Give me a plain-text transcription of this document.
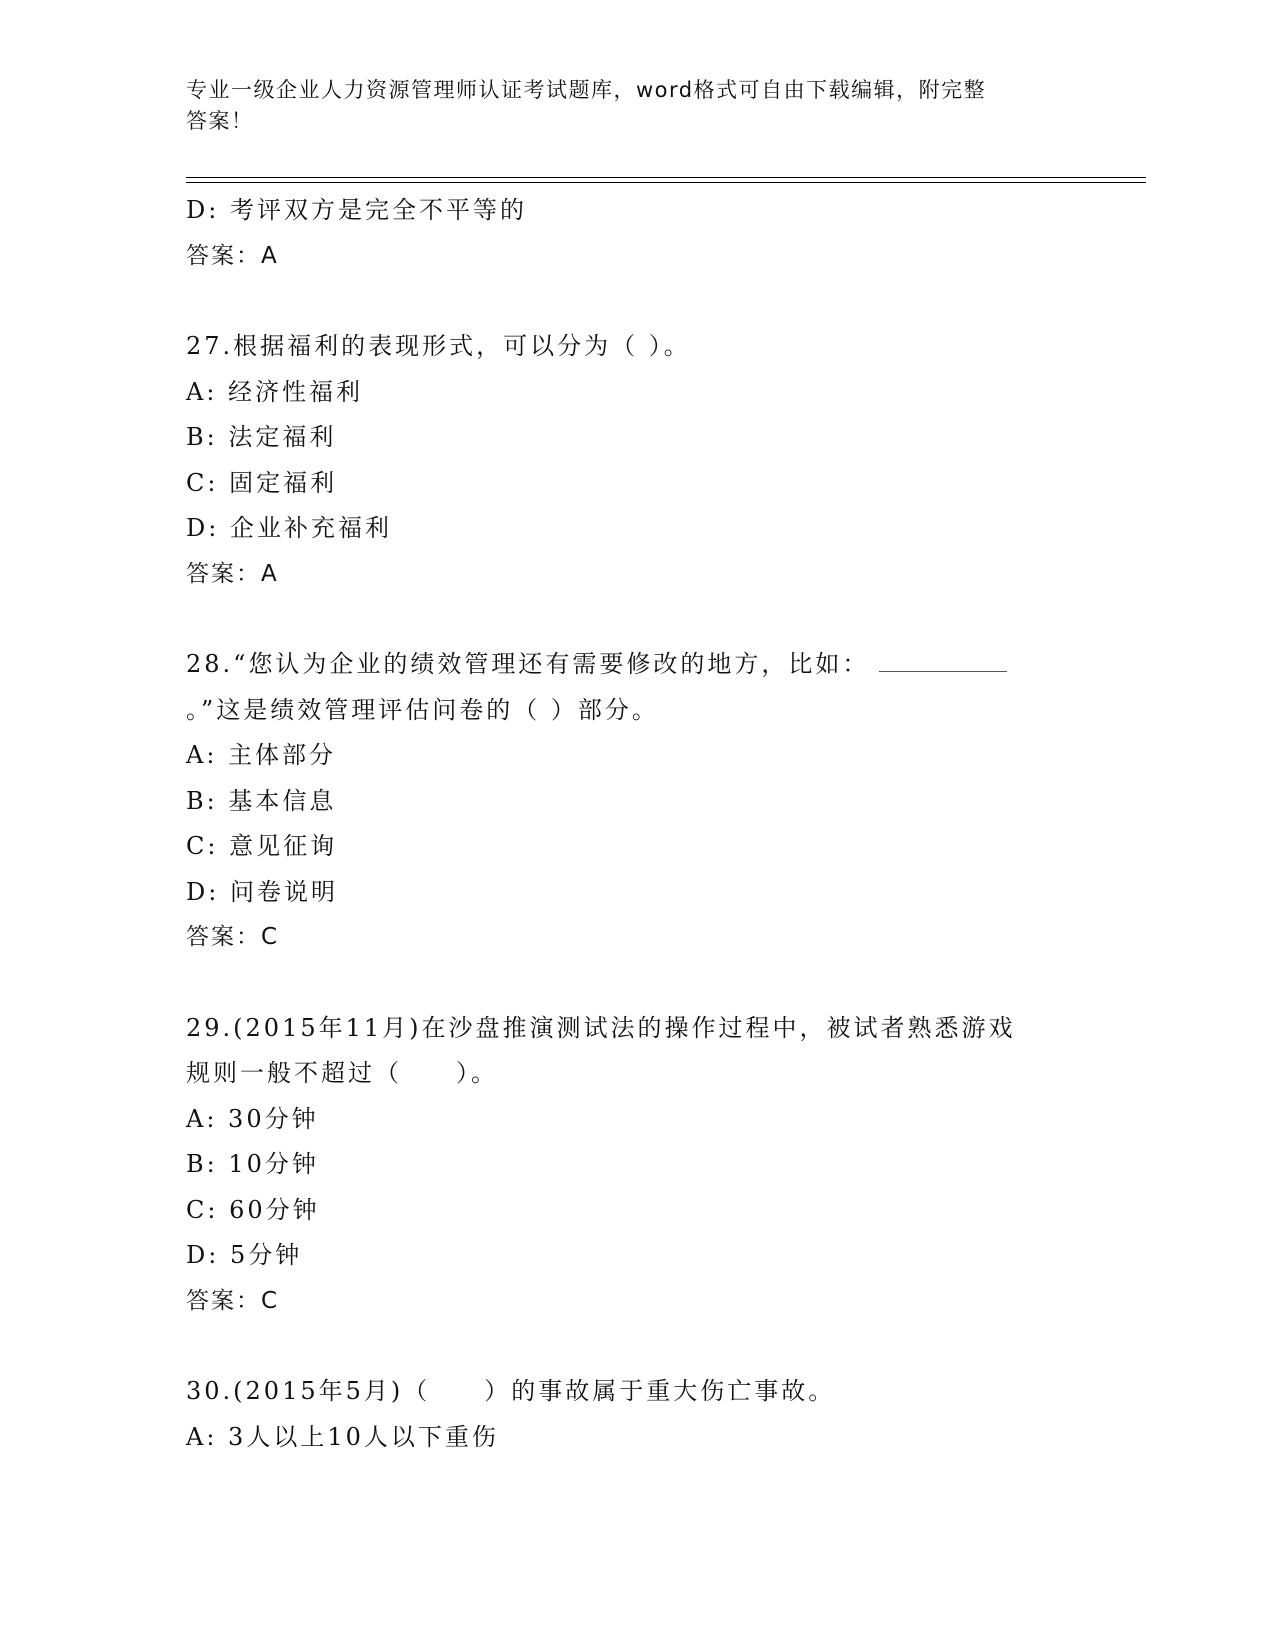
专业一级企业人力资源管理师认证考试题库，word格式可自由下载编辑，附完整
答案！
D: 考评双方是完全不平等的
答案：A
27.根据福利的表现形式，可以分为（ ）。
A: 经济性福利
B: 法定福利
C: 固定福利
D: 企业补充福利
答案：A
28.“您认为企业的绩效管理还有需要修改的地方，比如：
。”这是绩效管理评估问卷的（ ）部分。
A: 主体部分
B: 基本信息
C: 意见征询
D: 问卷说明
答案：C
29.(2015年11月)在沙盘推演测试法的操作过程中，被试者熟悉游戏
规则一般不超过（　　）。
A: 30分钟
B: 10分钟
C: 60分钟
D: 5分钟
答案：C
30.(2015年5月)（　　）的事故属于重大伤亡事故。
A: 3人以上10人以下重伤
